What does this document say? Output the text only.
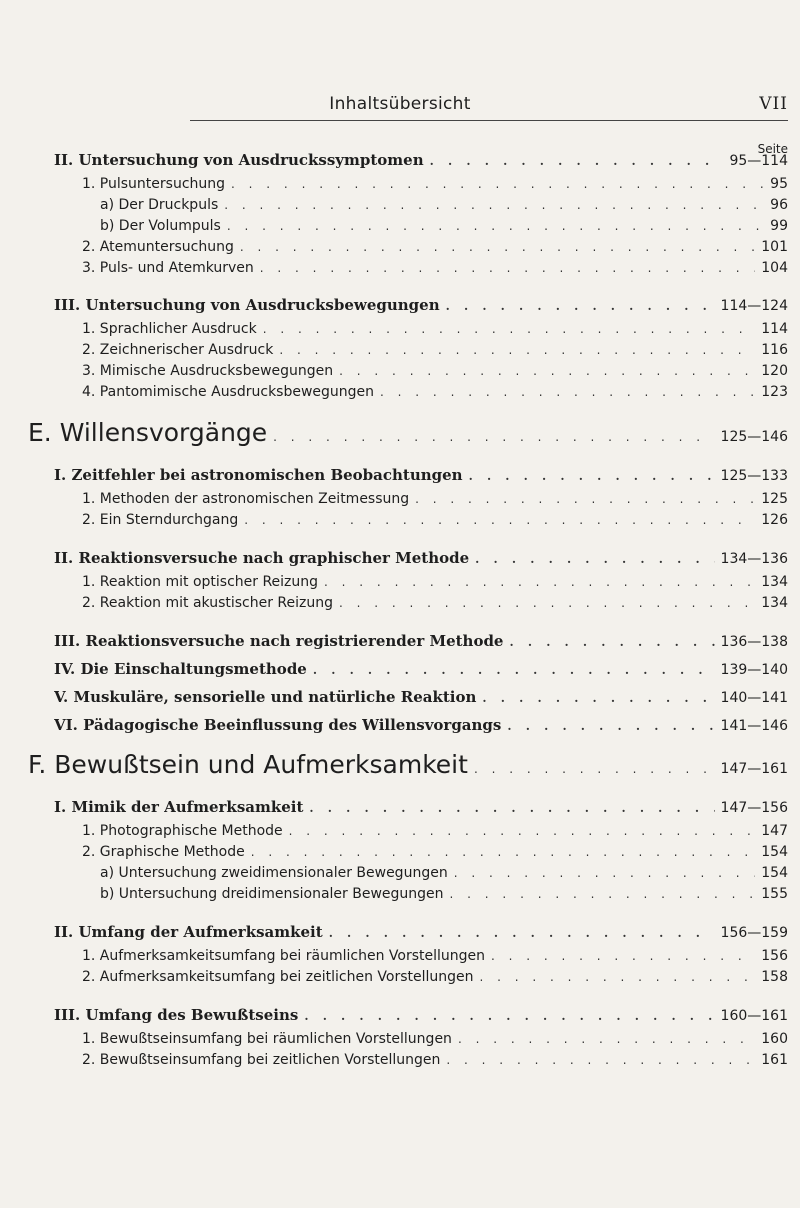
Inhaltsübersicht	VII
Seite
II. Untersuchung von Ausdruckssymptomen . . .	95—114
1. Pulsuntersuchung . . .	95
a) Der Druckpuls . . .	96
b) Der Volumpuls . . .	99
2. Atemuntersuchung . . .	101
3. Puls- und Atemkurven . . .	104
III. Untersuchung von Ausdrucksbewegungen . . .	114—124
1. Sprachlicher Ausdruck . . .	114
2. Zeichnerischer Ausdruck . . .	116
3. Mimische Ausdrucksbewegungen . . .	120
4. Pantomimische Ausdrucksbewegungen . . .	123
E. Willensvorgänge . . .	125—146
I. Zeitfehler bei astronomischen Beobachtungen . . .	125—133
1. Methoden der astronomischen Zeitmessung . . .	125
2. Ein Sterndurchgang . . .	126
II. Reaktionsversuche nach graphischer Methode . . .	134—136
1. Reaktion mit optischer Reizung . . .	134
2. Reaktion mit akustischer Reizung . . .	134
III. Reaktionsversuche nach registrierender Methode . . .	136—138
IV. Die Einschaltungsmethode . . .	139—140
V. Muskuläre, sensorielle und natürliche Reaktion . . .	140—141
VI. Pädagogische Beeinflussung des Willensvorgangs . . .	141—146
F. Bewußtsein und Aufmerksamkeit . . .	147—161
I. Mimik der Aufmerksamkeit . . .	147—156
1. Photographische Methode . . .	147
2. Graphische Methode . . .	154
a) Untersuchung zweidimensionaler Bewegungen . . .	154
b) Untersuchung dreidimensionaler Bewegungen . . .	155
II. Umfang der Aufmerksamkeit . . .	156—159
1. Aufmerksamkeitsumfang bei räumlichen Vorstellungen . . .	156
2. Aufmerksamkeitsumfang bei zeitlichen Vorstellungen . . .	158
III. Umfang des Bewußtseins . . .	160—161
1. Bewußtseinsumfang bei räumlichen Vorstellungen . . .	160
2. Bewußtseinsumfang bei zeitlichen Vorstellungen . . .	161
